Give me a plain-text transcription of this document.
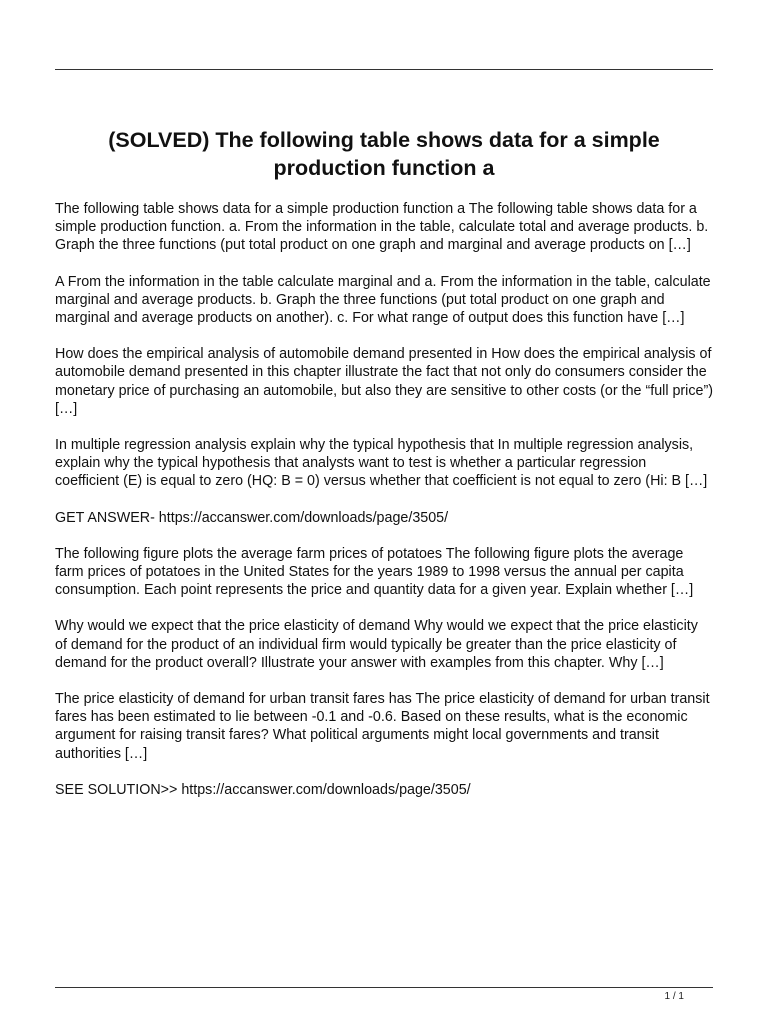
(SOLVED) The following table shows data for a simple production function a

The following table shows data for a simple production function a The following table shows data for a simple production function. a. From the information in the table, calculate total and average products. b. Graph the three functions (put total product on one graph and marginal and average products on […]

A From the information in the table calculate marginal and a. From the information in the table, calculate marginal and average products. b. Graph the three functions (put total product on one graph and marginal and average products on another). c. For what range of output does this function have […]

How does the empirical analysis of automobile demand presented in How does the empirical analysis of automobile demand presented in this chapter illustrate the fact that not only do consumers consider the monetary price of purchasing an automobile, but also they are sensitive to other costs (or the “full price”) […]

In multiple regression analysis explain why the typical hypothesis that In multiple regression analysis, explain why the typical hypothesis that analysts want to test is whether a particular regression coefficient (E) is equal to zero (HQ: B = 0) versus whether that coefficient is not equal to zero (Hi: B […]

GET ANSWER- https://accanswer.com/downloads/page/3505/

The following figure plots the average farm prices of potatoes The following figure plots the average farm prices of potatoes in the United States for the years 1989 to 1998 versus the annual per capita consumption. Each point represents the price and quantity data for a given year. Explain whether […]

Why would we expect that the price elasticity of demand Why would we expect that the price elasticity of demand for the product of an individual firm would typically be greater than the price elasticity of demand for the product overall? Illustrate your answer with examples from this chapter. Why […]

The price elasticity of demand for urban transit fares has The price elasticity of demand for urban transit fares has been estimated to lie between -0.1 and -0.6. Based on these results, what is the economic argument for raising transit fares? What political arguments might local governments and transit authorities […]

SEE SOLUTION>> https://accanswer.com/downloads/page/3505/

1 / 1
